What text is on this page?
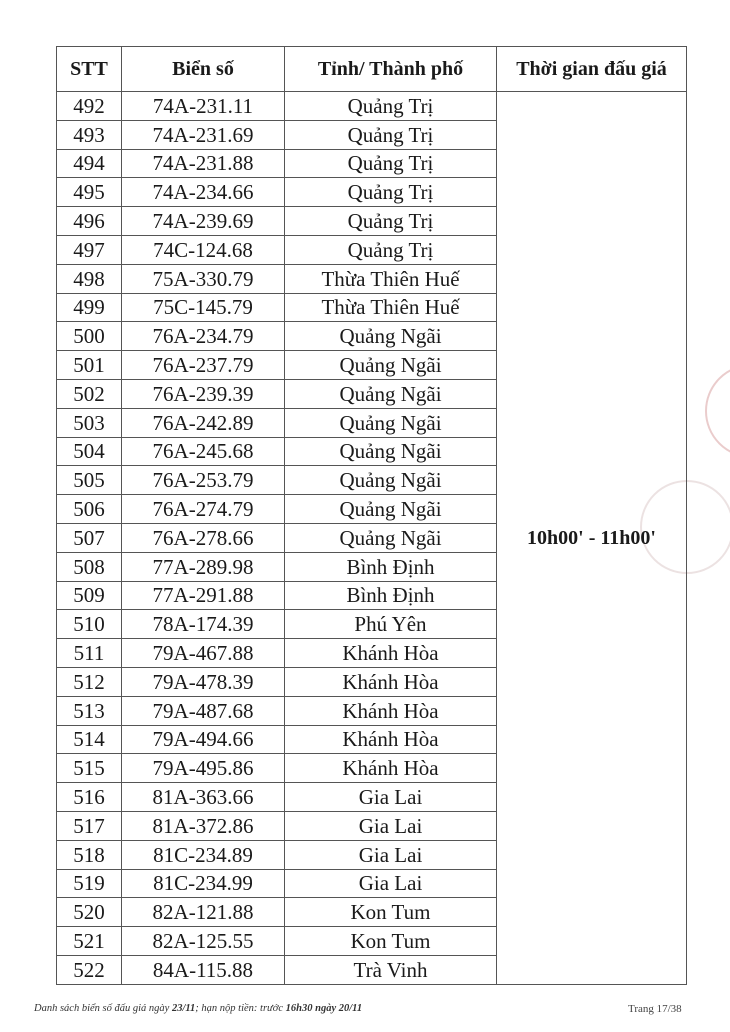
STT	Biển số	Tỉnh/ Thành phố	Thời gian đấu giá
492	74A-231.11	Quảng Trị	10h00' - 11h00'
493	74A-231.69	Quảng Trị	
494	74A-231.88	Quảng Trị	
495	74A-234.66	Quảng Trị	
496	74A-239.69	Quảng Trị	
497	74C-124.68	Quảng Trị	
498	75A-330.79	Thừa Thiên Huế	
499	75C-145.79	Thừa Thiên Huế	
500	76A-234.79	Quảng Ngãi	
501	76A-237.79	Quảng Ngãi	
502	76A-239.39	Quảng Ngãi	
503	76A-242.89	Quảng Ngãi	
504	76A-245.68	Quảng Ngãi	
505	76A-253.79	Quảng Ngãi	
506	76A-274.79	Quảng Ngãi	
507	76A-278.66	Quảng Ngãi	
508	77A-289.98	Bình Định	
509	77A-291.88	Bình Định	
510	78A-174.39	Phú Yên	
511	79A-467.88	Khánh Hòa	
512	79A-478.39	Khánh Hòa	
513	79A-487.68	Khánh Hòa	
514	79A-494.66	Khánh Hòa	
515	79A-495.86	Khánh Hòa	
516	81A-363.66	Gia Lai	
517	81A-372.86	Gia Lai	
518	81C-234.89	Gia Lai	
519	81C-234.99	Gia Lai	
520	82A-121.88	Kon Tum	
521	82A-125.55	Kon Tum	
522	84A-115.88	Trà Vinh	
Danh sách biển số đấu giá ngày 23/11; hạn nộp tiền: trước 16h30 ngày 20/11	Trang 17/38
